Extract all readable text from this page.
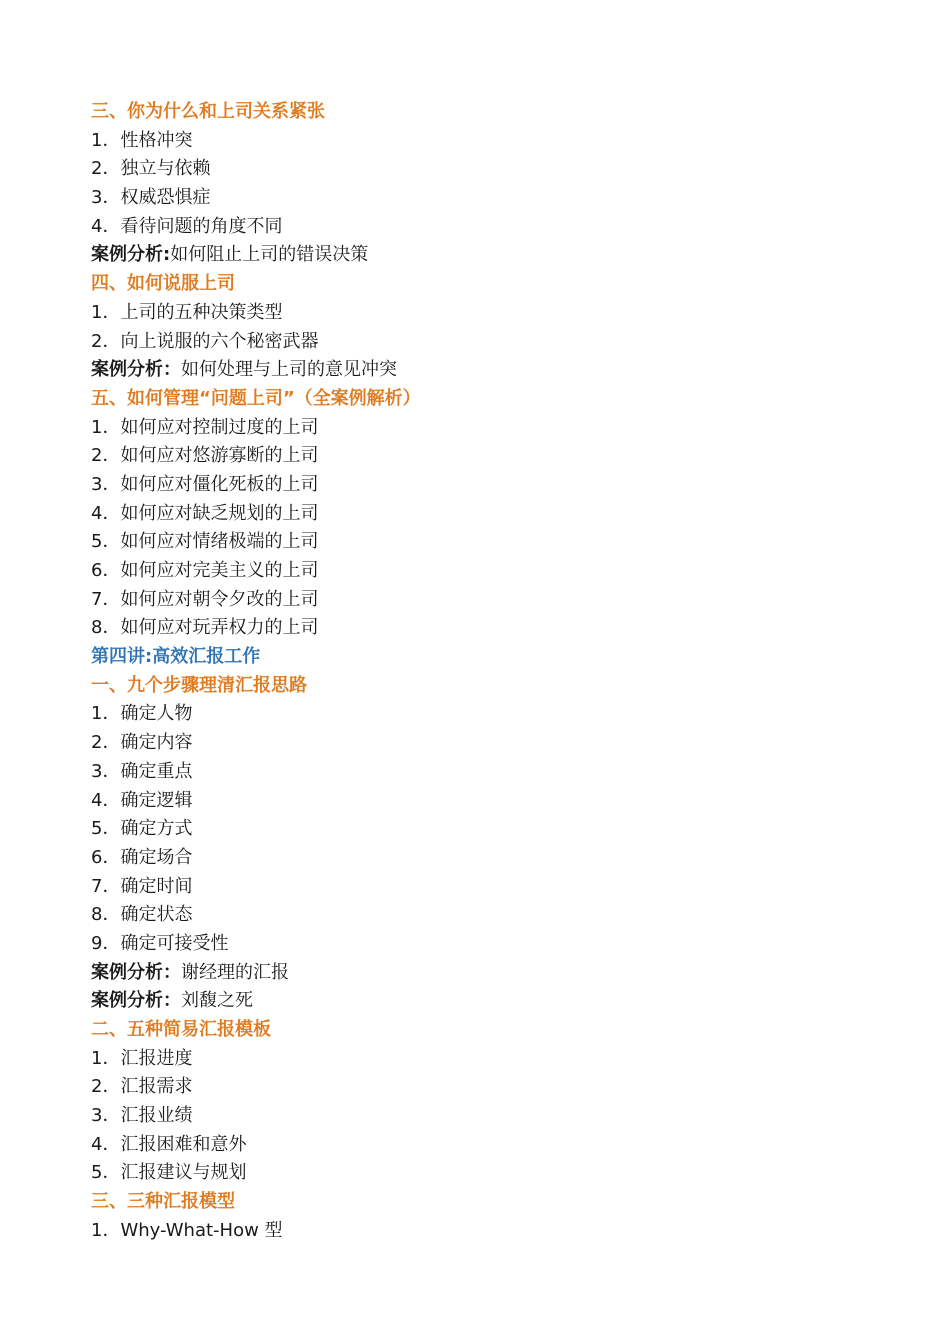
三、你为什么和上司关系紧张
1．性格冲突
2．独立与依赖
3．权威恐惧症
4．看待问题的角度不同
案例分析:如何阻止上司的错误决策
四、如何说服上司
1．上司的五种决策类型
2．向上说服的六个秘密武器
案例分析：如何处理与上司的意见冲突
五、如何管理“问题上司”（全案例解析）
1．如何应对控制过度的上司
2．如何应对悠游寡断的上司
3．如何应对僵化死板的上司
4．如何应对缺乏规划的上司
5．如何应对情绪极端的上司
6．如何应对完美主义的上司
7．如何应对朝令夕改的上司
8．如何应对玩弄权力的上司
第四讲:高效汇报工作
一、九个步骤理清汇报思路
1．确定人物
2．确定内容
3．确定重点
4．确定逻辑
5．确定方式
6．确定场合
7．确定时间
8．确定状态
9．确定可接受性
案例分析：谢经理的汇报
案例分析：刘馥之死
二、五种简易汇报模板
1．汇报进度
2．汇报需求
3．汇报业绩
4．汇报困难和意外
5．汇报建议与规划
三、三种汇报模型
1．Why-What-How 型
